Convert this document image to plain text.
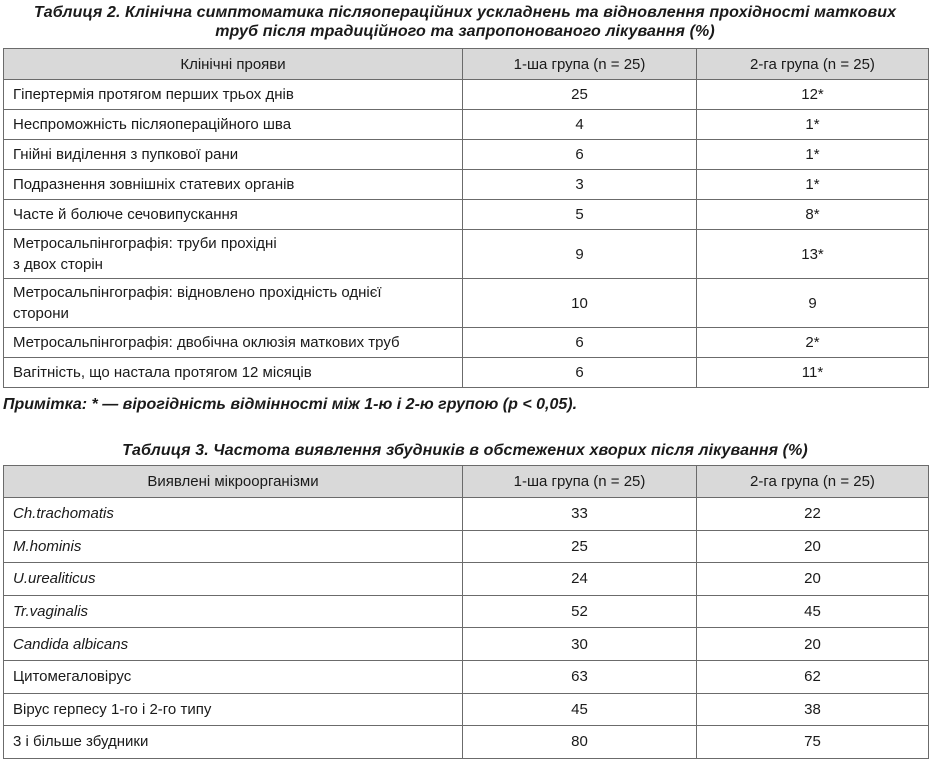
Таблиця 2. Клінічна симптоматика післяопераційних ускладнень та відновлення прохідності маткових
труб після традиційного та запропонованого лікування (%)
Клінічні прояви	1-ша група (n = 25)	2-га група (n = 25)
Гіпертермія протягом перших трьох днів	25	12*
Неспроможність післяопераційного шва	4	1*
Гнійні виділення з пупкової рани	6	1*
Подразнення зовнішніх статевих органів	3	1*
Часте й болюче сечовипускання	5	8*

Метросальпінгографія: труби прохідні
з двох сторін	9	13*

Метросальпінгографія: відновлено прохідність однієї
сторони	10	9
Метросальпінгографія: двобічна оклюзія маткових труб	6	2*
Вагітність, що настала протягом 12 місяців	6	11*
Примітка: * — вірогідність відмінності між 1-ю і 2-ю групою (р < 0,05).
Таблиця 3. Частота виявлення збудників в обстежених хворих після лікування (%)
Виявлені мікроорганізми	1-ша група (n = 25)	2-га група (n = 25)
Ch.trachomatis	33	22
M.hominis	25	20
U.urealiticus	24	20
Tr.vaginalis	52	45
Candida albicans	30	20
Цитомегаловірус	63	62
Вірус герпесу 1-го і 2-го типу	45	38
3 і більше збудники	80	75
